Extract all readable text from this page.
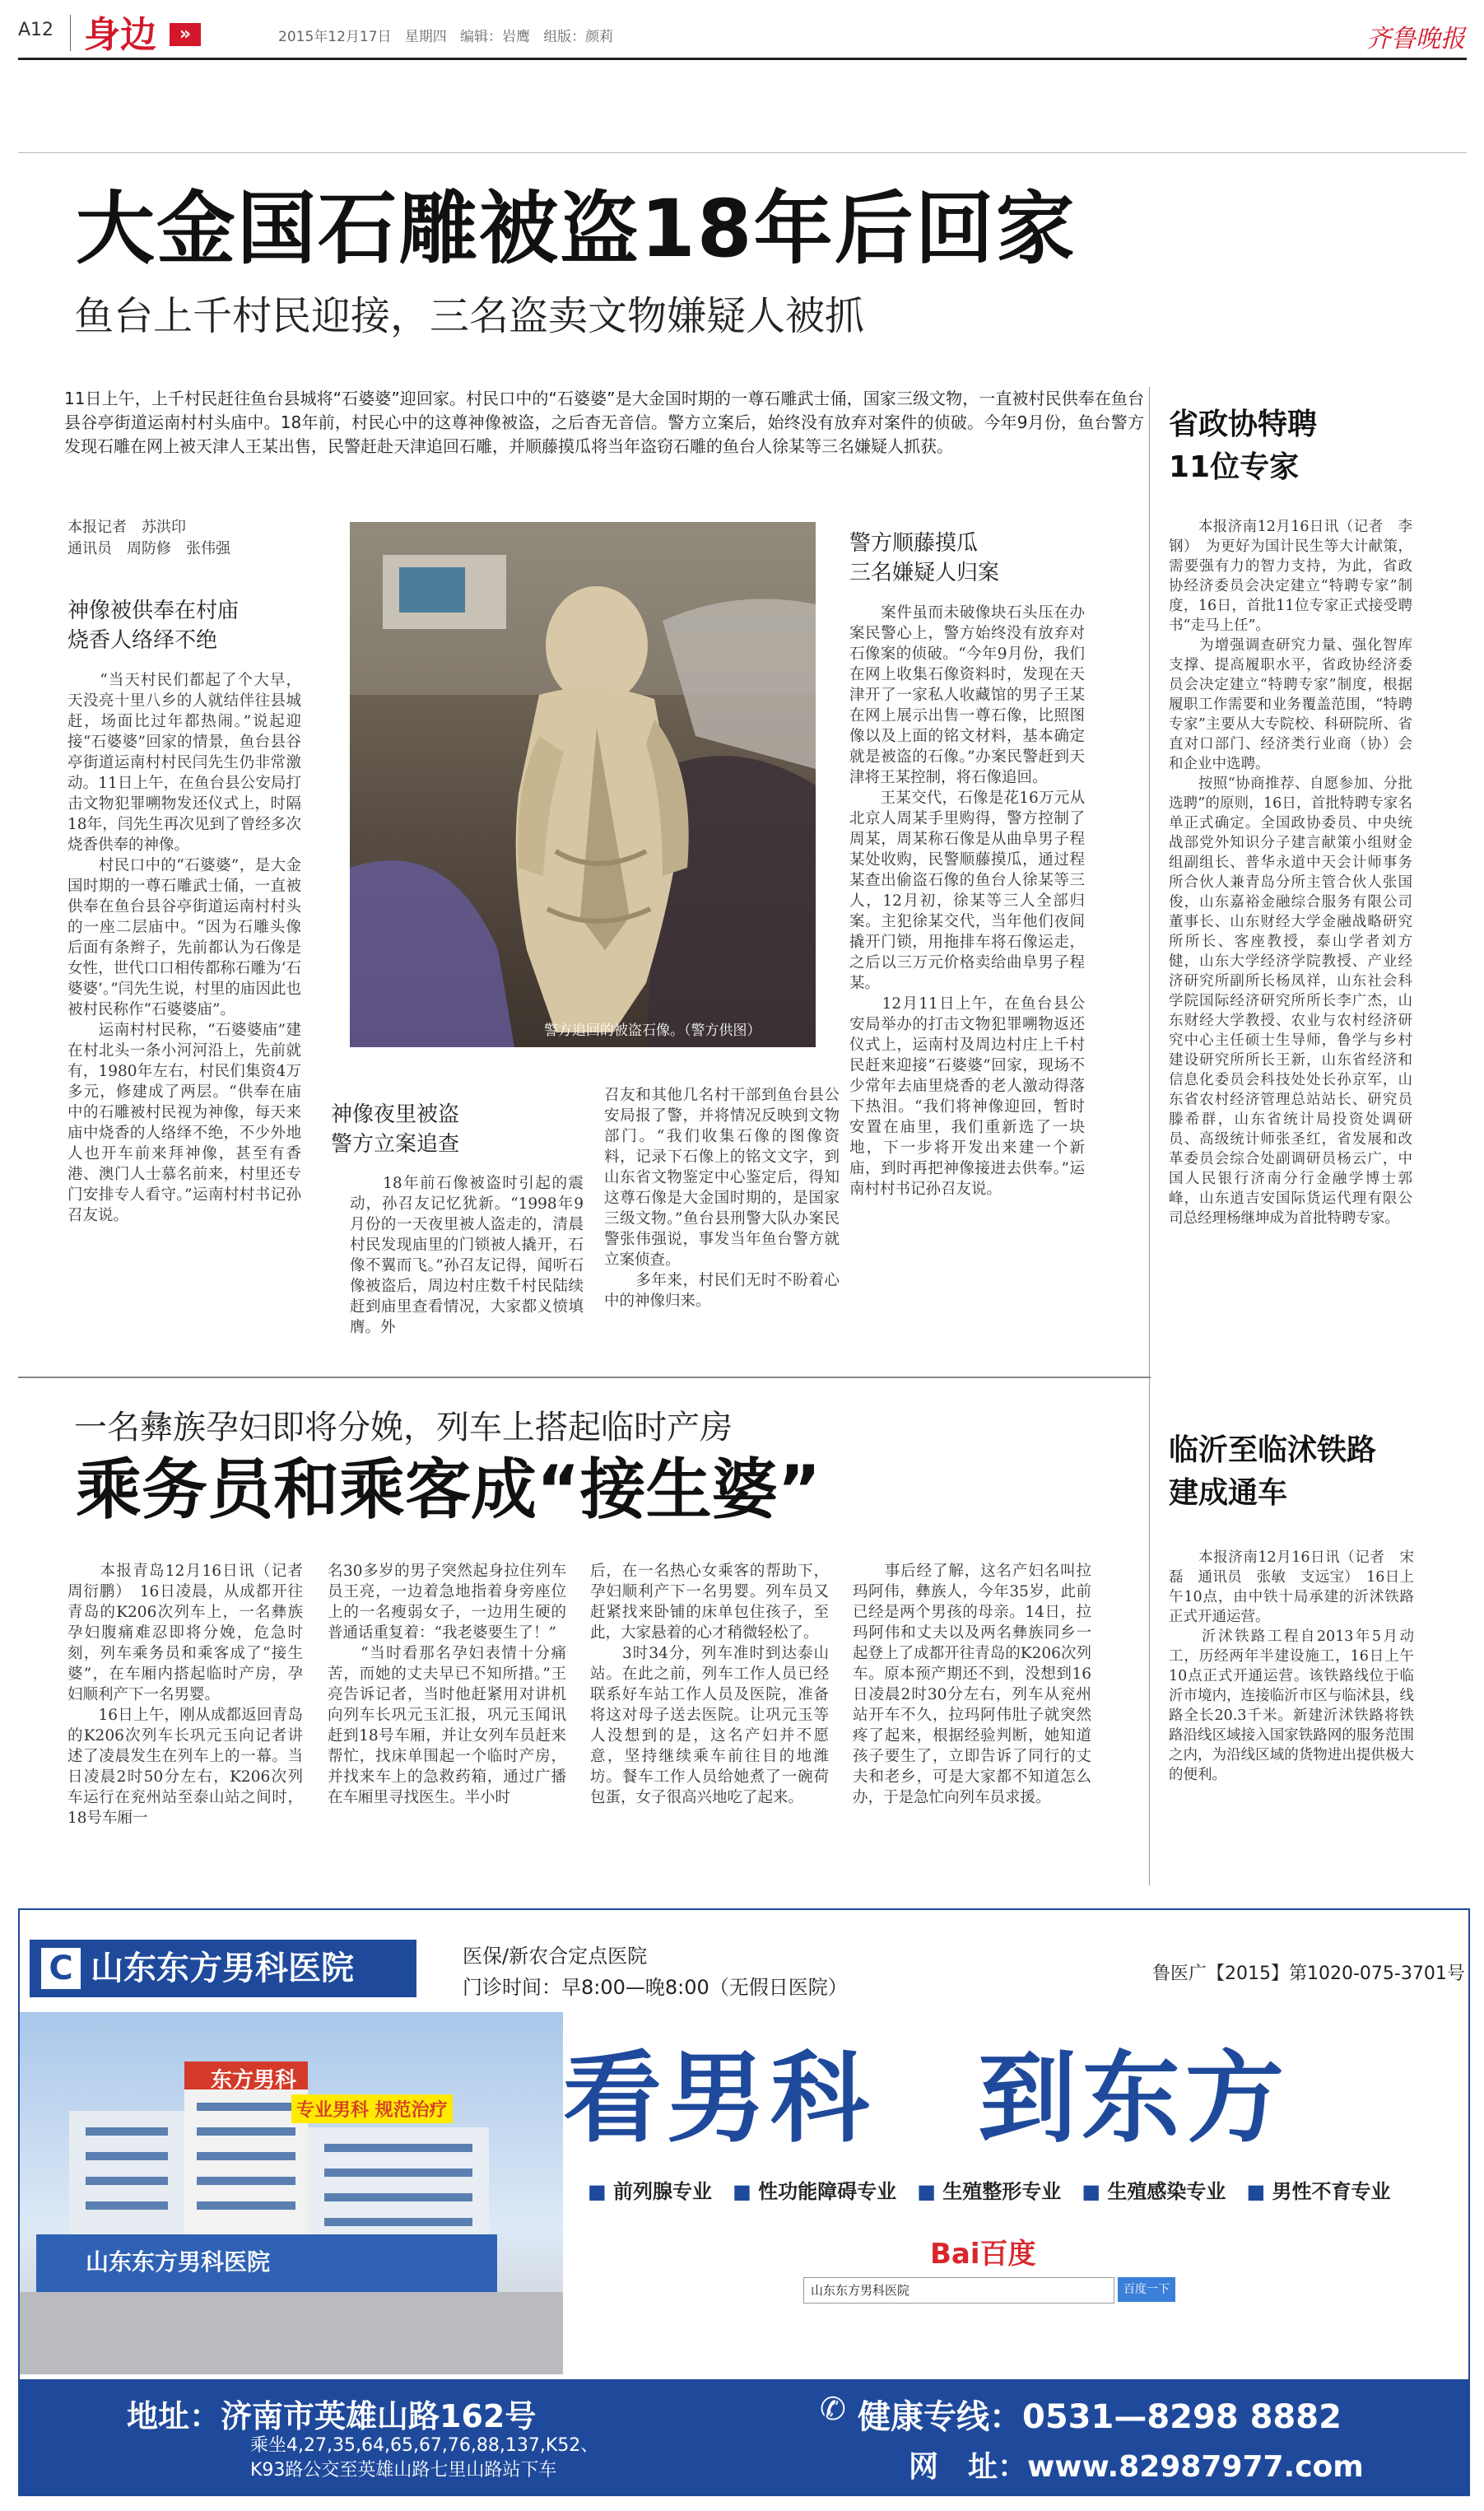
A12 身边	»	2015年12月17日 星期四 编辑：岩鹰 组版：颜莉	齐鲁晚报
大金国石雕被盗18年后回家
鱼台上千村民迎接，三名盗卖文物嫌疑人被抓
11日上午，上千村民赶往鱼台县城将“石婆婆”迎回家。村民口中的“石婆婆”是大金国时期的一尊石雕武士俑，国家三级文物，一直被村民供奉在鱼台县谷亭街道运南村村头庙中。18年前，村民心中的这尊神像被盗，之后杳无音信。警方立案后，始终没有放弃对案件的侦破。今年9月份，鱼台警方发现石雕在网上被天津人王某出售，民警赶赴天津追回石雕，并顺藤摸瓜将当年盗窃石雕的鱼台人徐某等三名嫌疑人抓获。
本报记者　苏洪印
通讯员　周防修　张伟强
神像被供奉在村庙
烧香人络绎不绝
　　“当天村民们都起了个大早，天没亮十里八乡的人就结伴往县城赶，场面比过年都热闹。”说起迎接“石婆婆”回家的情景，鱼台县谷亭街道运南村村民闫先生仍非常激动。11日上午，在鱼台县公安局打击文物犯罪嗍物发还仪式上，时隔18年，闫先生再次见到了曾经多次烧香供奉的神像。
　　村民口中的“石婆婆”，是大金国时期的一尊石雕武士俑，一直被供奉在鱼台县谷亭街道运南村村头的一座二层庙中。“因为石雕头像后面有条辫子，先前都认为石像是女性，世代口口相传都称石雕为‘石婆婆’。”闫先生说，村里的庙因此也被村民称作“石婆婆庙”。
　　运南村村民称，“石婆婆庙”建在村北头一条小河河沿上，先前就有，1980年左右，村民们集资4万多元，修建成了两层。“供奉在庙中的石雕被村民视为神像，每天来庙中烧香的人络绎不绝，不少外地人也开车前来拜神像，甚至有香港、澳门人士慕名前来，村里还专门安排专人看守。”运南村村书记孙召友说。
警方追回的被盗石像。（警方供图）
神像夜里被盗
警方立案追查
　　18年前石像被盗时引起的震动，孙召友记忆犹新。“1998年9月份的一天夜里被人盗走的，清晨村民发现庙里的门锁被人撬开，石像不翼而飞。”孙召友记得，闻听石像被盗后，周边村庄数千村民陆续赶到庙里查看情况，大家都义愤填膺。外
召友和其他几名村干部到鱼台县公安局报了警，并将情况反映到文物部门。“我们收集石像的图像资料，记录下石像上的铭文文字，到山东省文物鉴定中心鉴定后，得知这尊石像是大金国时期的，是国家三级文物。”鱼台县刑警大队办案民警张伟强说，事发当年鱼台警方就立案侦查。
　　多年来，村民们无时不盼着心中的神像归来。
警方顺藤摸瓜
三名嫌疑人归案
　　案件虽而未破像块石头压在办案民警心上，警方始终没有放弃对石像案的侦破。“今年9月份，我们在网上收集石像资料时，发现在天津开了一家私人收藏馆的男子王某在网上展示出售一尊石像，比照图像以及上面的铭文材料，基本确定就是被盗的石像。”办案民警赶到天津将王某控制，将石像追回。
　　王某交代，石像是花16万元从北京人周某手里购得，警方控制了周某，周某称石像是从曲阜男子程某处收购，民警顺藤摸瓜，通过程某查出偷盗石像的鱼台人徐某等三人，12月初，徐某等三人全部归案。主犯徐某交代，当年他们夜间撬开门锁，用拖排车将石像运走，之后以三万元价格卖给曲阜男子程某。
　　12月11日上午，在鱼台县公安局举办的打击文物犯罪嗍物返还仪式上，运南村及周边村庄上千村民赶来迎接“石婆婆”回家，现场不少常年去庙里烧香的老人激动得落下热泪。“我们将神像迎回，暂时安置在庙里，我们重新选了一块地，下一步将开发出来建一个新庙，到时再把神像接进去供奉。”运南村村书记孙召友说。
省政协特聘
11位专家
　　本报济南12月16日讯（记者　李钢）　为更好为国计民生等大计献策，需要强有力的智力支持，为此，省政协经济委员会决定建立“特聘专家”制度，16日，首批11位专家正式接受聘书“走马上任”。
　　为增强调查研究力量、强化智库支撑、提高履职水平，省政协经济委员会决定建立“特聘专家”制度，根据履职工作需要和业务覆盖范围，“特聘专家”主要从大专院校、科研院所、省直对口部门、经济类行业商（协）会和企业中选聘。
　　按照“协商推荐、自愿参加、分批选聘”的原则，16日，首批特聘专家名单正式确定。全国政协委员、中央统战部党外知识分子建言献策小组财金组副组长、普华永道中天会计师事务所合伙人兼青岛分所主管合伙人张国俊，山东嘉裕金融综合服务有限公司董事长、山东财经大学金融战略研究所所长、客座教授，泰山学者刘方健，山东大学经济学院教授、产业经济研究所副所长杨凤祥，山东社会科学院国际经济研究所所长李广杰，山东财经大学教授、农业与农村经济研究中心主任硕士生导师，鲁学与乡村建设研究所所长王新，山东省经济和信息化委员会科技处处长孙京军，山东省农村经济管理总站站长、研究员滕希群，山东省统计局投资处调研员、高级统计师张圣红，省发展和改革委员会综合处副调研员杨云广，中国人民银行济南分行金融学博士郭峰，山东逍吉安国际货运代理有限公司总经理杨继坤成为首批特聘专家。
一名彝族孕妇即将分娩，列车上搭起临时产房
乘务员和乘客成“接生婆”
　　本报青岛12月16日讯（记者　周衍鹏）　16日凌晨，从成都开往青岛的K206次列车上，一名彝族孕妇腹痛难忍即将分娩，危急时刻，列车乘务员和乘客成了“接生婆”，在车厢内搭起临时产房，孕妇顺利产下一名男婴。
　　16日上午，刚从成都返回青岛的K206次列车长巩元玉向记者讲述了凌晨发生在列车上的一幕。当日凌晨2时50分左右，K206次列车运行在兖州站至泰山站之间时，18号车厢一
名30多岁的男子突然起身拉住列车员王亮，一边着急地指着身旁座位上的一名瘦弱女子，一边用生硬的普通话重复着：“我老婆要生了！”
　　“当时看那名孕妇表情十分痛苦，而她的丈夫早已不知所措。”王亮告诉记者，当时他赶紧用对讲机向列车长巩元玉汇报，巩元玉闻讯赶到18号车厢，并让女列车员赶来帮忙，找床单围起一个临时产房，并找来车上的急救药箱，通过广播在车厢里寻找医生。半小时
后，在一名热心女乘客的帮助下，孕妇顺利产下一名男婴。列车员又赶紧找来卧铺的床单包住孩子，至此，大家悬着的心才稍微轻松了。
　　3时34分，列车准时到达泰山站。在此之前，列车工作人员已经联系好车站工作人员及医院，准备将这对母子送去医院。让巩元玉等人没想到的是，这名产妇并不愿意，坚持继续乘车前往目的地潍坊。餐车工作人员给她煮了一碗荷包蛋，女子很高兴地吃了起来。
　　事后经了解，这名产妇名叫拉玛阿伟，彝族人，今年35岁，此前已经是两个男孩的母亲。14日，拉玛阿伟和丈夫以及两名彝族同乡一起登上了成都开往青岛的K206次列车。原本预产期还不到，没想到16日凌晨2时30分左右，列车从兖州站开车不久，拉玛阿伟肚子就突然疼了起来，根据经验判断，她知道孩子要生了，立即告诉了同行的丈夫和老乡，可是大家都不知道怎么办，于是急忙向列车员求援。
临沂至临沭铁路
建成通车
　　本报济南12月16日讯（记者　宋磊　通讯员　张敏　支远宝）　16日上午10点，由中铁十局承建的沂沭铁路正式开通运营。
　　沂沭铁路工程自2013年5月动工，历经两年半建设施工，16日上午10点正式开通运营。该铁路线位于临沂市境内，连接临沂市区与临沭县，线路全长20.3千米。新建沂沭铁路将铁路沿线区域接入国家铁路网的服务范围之内，为沿线区域的货物进出提供极大的便利。
C 山东东方男科医院	医保/新农合定点医院
门诊时间：早8:00—晚8:00（无假日医院）
鲁医广【2015】第1020-075-3701号
东方男科
专业男科 规范治疗
山东东方男科医院
看男科　到东方
■ 前列腺专业 ■ 性功能障碍专业 ■ 生殖整形专业 ■ 生殖感染专业 ■ 男性不育专业
Bai百度
山东东方男科医院	百度一下
地址：济南市英雄山路162号
乘坐4,27,35,64,65,67,76,88,137,K52、
K93路公交至英雄山路七里山路站下车
✆ 健康专线：0531—8298 8882
网　址：www.82987977.com
